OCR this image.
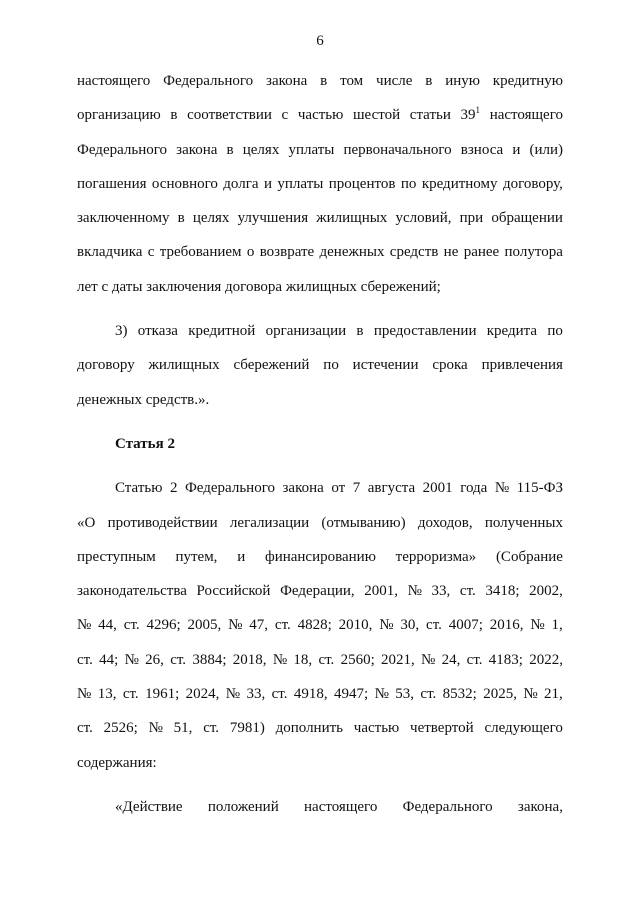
6
настоящего Федерального закона в том числе в иную кредитную
организацию в соответствии с частью шестой статьи $39^1$ настоящего
Федерального закона в целях уплаты первоначального взноса и (или)
погашения основного долга и уплаты процентов по кредитному договору,
заключенному в целях улучшения жилищных условий, при обращении
вкладчика с требованием о возврате денежных средств не ранее полутора
лет с даты заключения договора жилищных сбережений;
3) отказа кредитной организации в предоставлении кредита по
договору жилищных сбережений по истечении срока привлечения
денежных средств.».
Статья 2
Статью 2 Федерального закона от 7 августа 2001 года № 115-ФЗ
«О противодействии легализации (отмыванию) доходов, полученных
преступным путем, и финансированию терроризма» (Собрание
законодательства Российской Федерации, 2001, № 33, ст. 3418; 2002,
№ 44, ст. 4296; 2005, № 47, ст. 4828; 2010, № 30, ст. 4007; 2016, № 1,
ст. 44; № 26, ст. 3884; 2018, № 18, ст. 2560; 2021, № 24, ст. 4183; 2022,
№ 13, ст. 1961; 2024, № 33, ст. 4918, 4947; № 53, ст. 8532; 2025, № 21,
ст. 2526; № 51, ст. 7981) дополнить частью четвертой следующего
содержания:
«Действие положений настоящего Федерального закона,
